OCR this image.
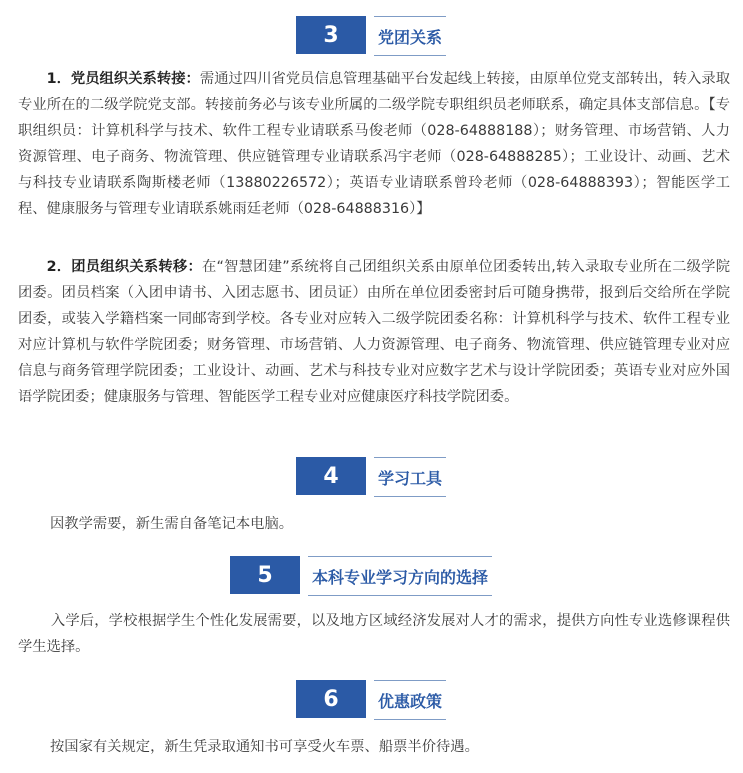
3	党团关系

1．党员组织关系转接：需通过四川省党员信息管理基础平台发起线上转接，由原单位党支部转出，转入录取专业所在的二级学院党支部。转接前务必与该专业所属的二级学院专职组织员老师联系，确定具体支部信息。【专职组织员：计算机科学与技术、软件工程专业请联系马俊老师（028-64888188）；财务管理、市场营销、人力资源管理、电子商务、物流管理、供应链管理专业请联系冯宇老师（028-64888285）；工业设计、动画、艺术与科技专业请联系陶斯楼老师（13880226572）；英语专业请联系曾玲老师（028-64888393）；智能医学工程、健康服务与管理专业请联系姚雨廷老师（028-64888316）】

2．团员组织关系转移：在“智慧团建”系统将自己团组织关系由原单位团委转出,转入录取专业所在二级学院团委。团员档案（入团申请书、入团志愿书、团员证）由所在单位团委密封后可随身携带，报到后交给所在学院团委，或装入学籍档案一同邮寄到学校。各专业对应转入二级学院团委名称：计算机科学与技术、软件工程专业对应计算机与软件学院团委；财务管理、市场营销、人力资源管理、电子商务、物流管理、供应链管理专业对应信息与商务管理学院团委；工业设计、动画、艺术与科技专业对应数字艺术与设计学院团委；英语专业对应外国语学院团委；健康服务与管理、智能医学工程专业对应健康医疗科技学院团委。

4	学习工具

因教学需要，新生需自备笔记本电脑。

5	本科专业学习方向的选择

入学后，学校根据学生个性化发展需要，以及地方区域经济发展对人才的需求，提供方向性专业选修课程供学生选择。

6	优惠政策

按国家有关规定，新生凭录取通知书可享受火车票、船票半价待遇。
